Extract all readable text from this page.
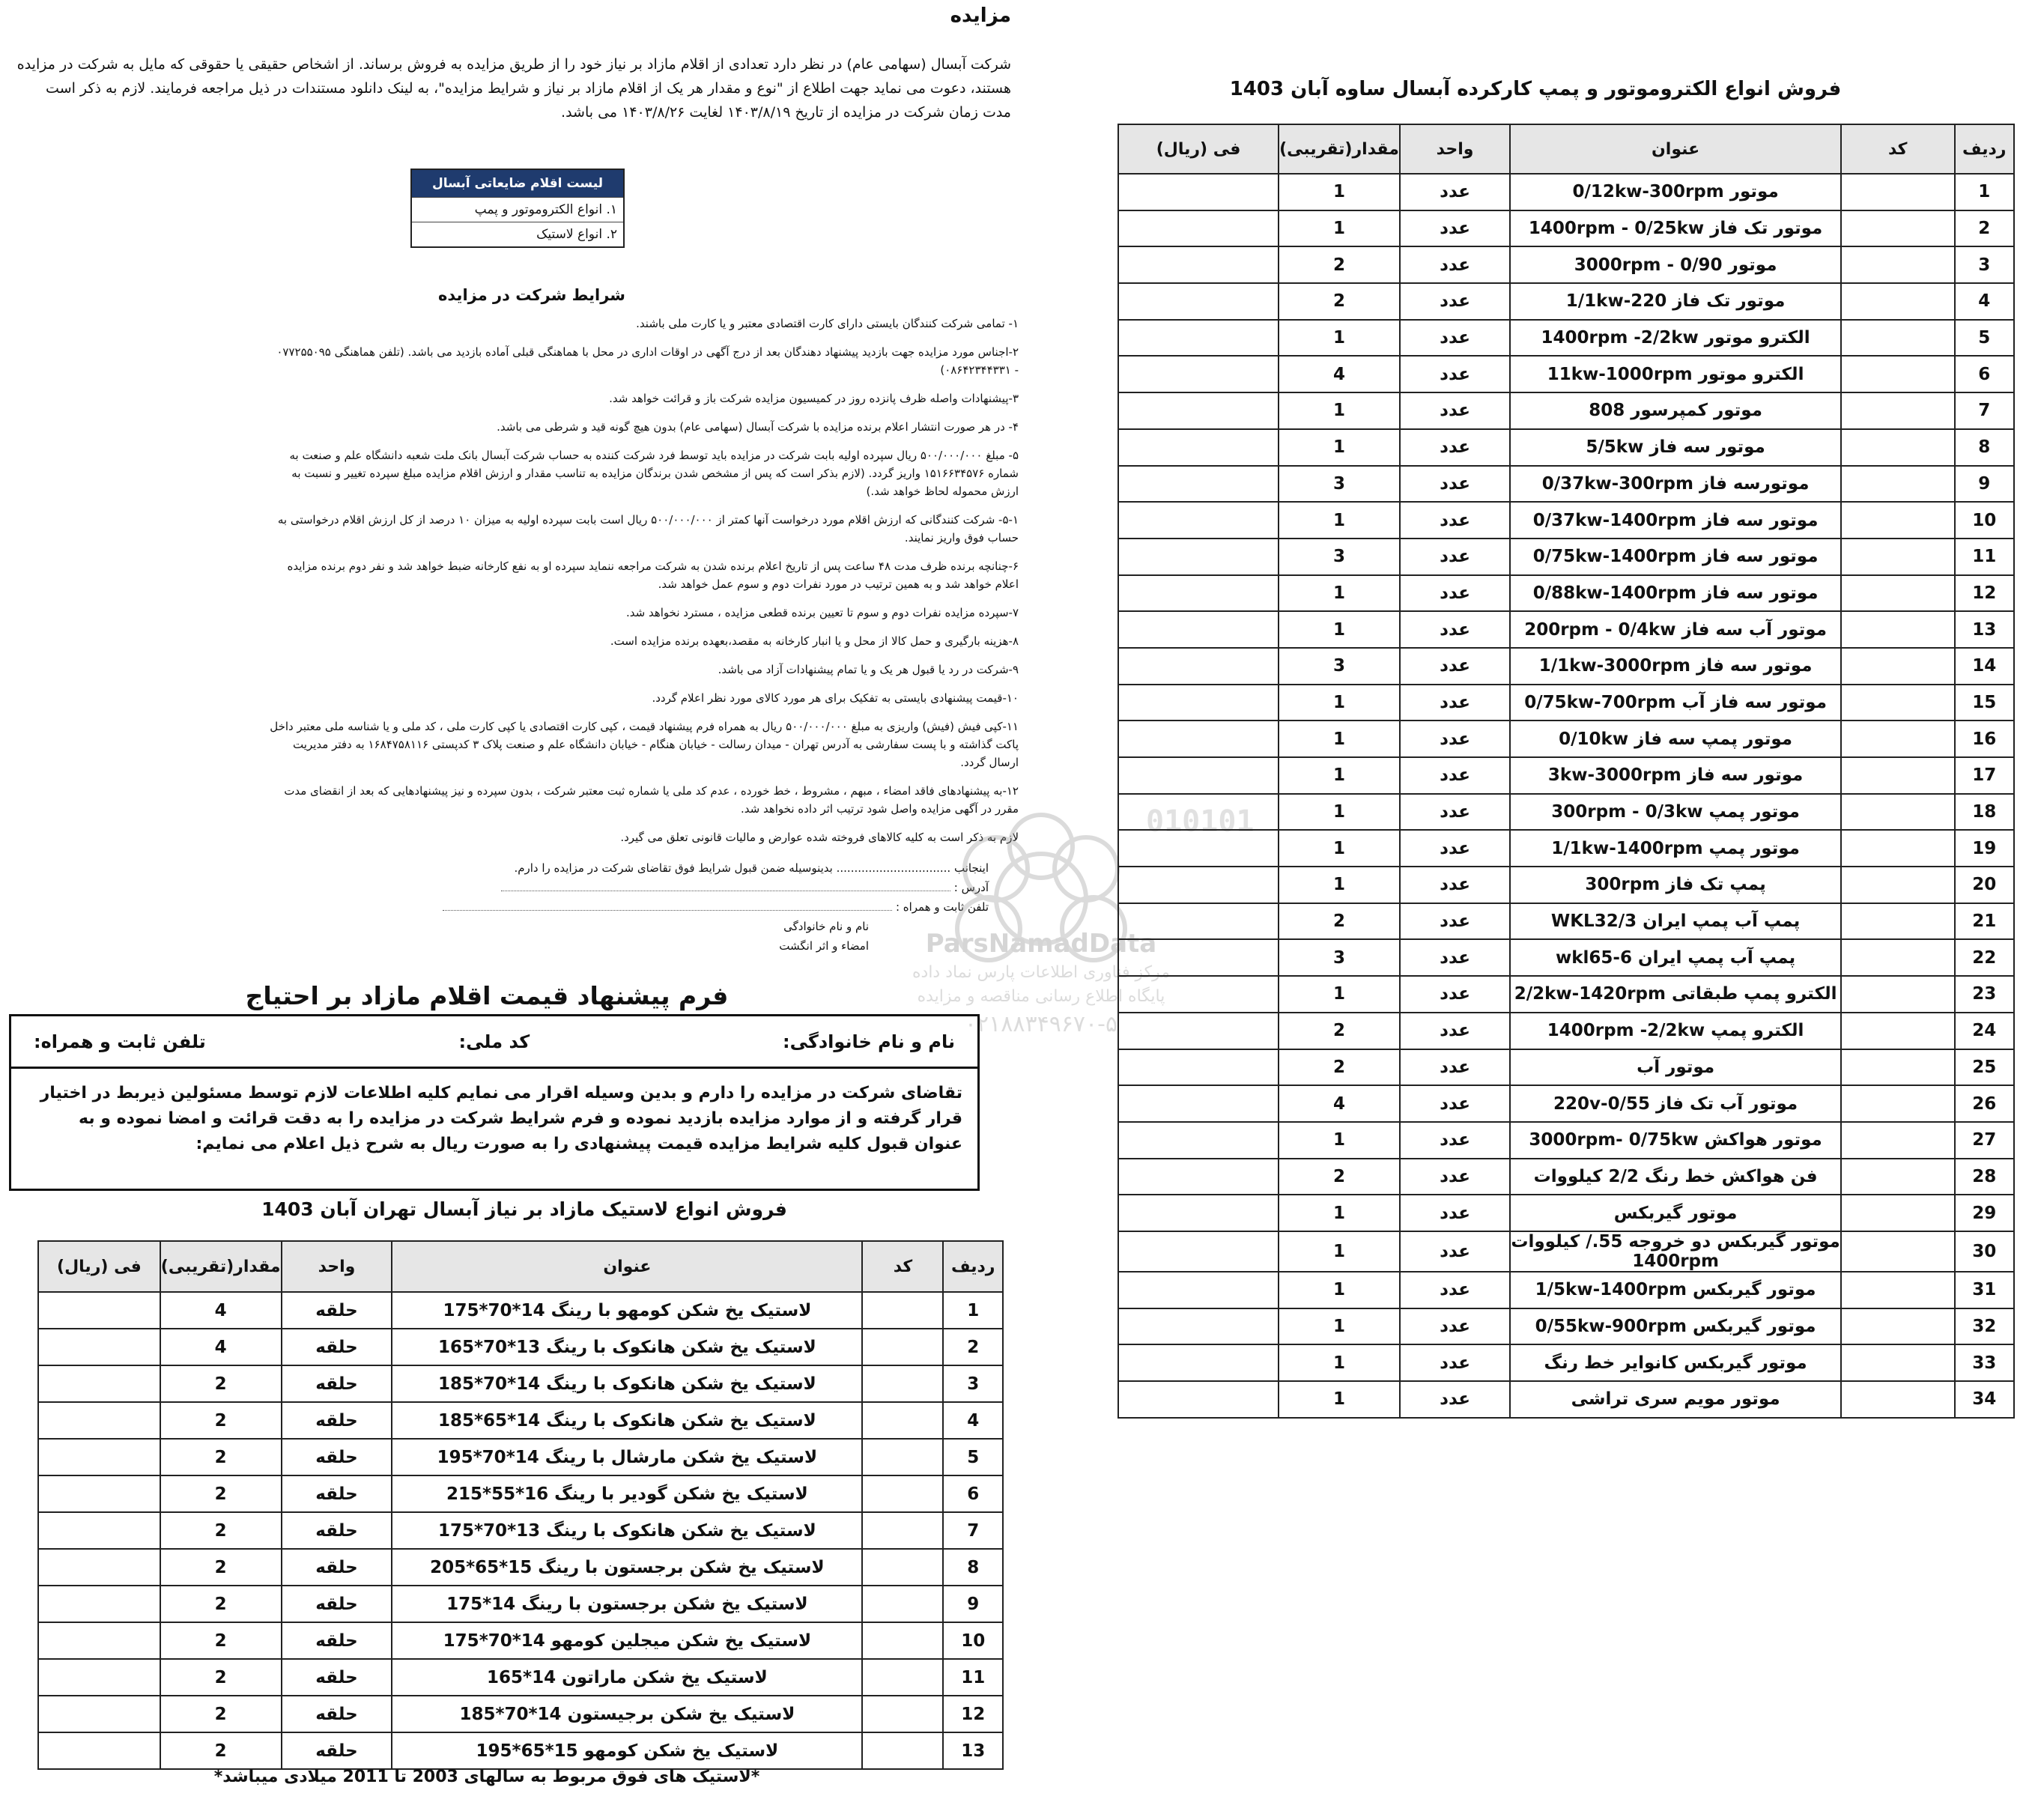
مزایده
شرکت آبسال (سهامی عام) در نظر دارد تعدادی از اقلام مازاد بر نیاز خود را از طریق مزایده به فروش برساند. از اشخاص حقیقی یا حقوقی که مایل به شرکت در مزایده هستند، دعوت می نماید جهت اطلاع از "نوع و مقدار هر یک از اقلام مازاد بر نیاز و شرایط مزایده"، به لینک دانلود مستندات در ذیل مراجعه فرمایند. لازم به ذکر است مدت زمان شرکت در مزایده از تاریخ ۱۴۰۳/۸/۱۹ لغایت ۱۴۰۳/۸/۲۶ می باشد.
لیست اقلام ضایعاتی آبسال
۱. انواع الکتروموتور و پمپ
۲. انواع لاستیک
شرایط شرکت در مزایده

۱- تمامی شرکت کنندگان بایستی دارای کارت اقتصادی معتبر و یا کارت ملی باشند.

۲-اجناس مورد مزایده جهت بازدید پیشنهاد دهندگان بعد از درج آگهی در اوقات اداری در محل با هماهنگی قبلی آماده بازدید می باشد. (تلفن هماهنگی ۰۷۷۲۵۵۰۹۵ - ۰۸۶۴۲۳۴۴۳۳۱)

۳-پیشنهادات واصله ظرف پانزده روز در کمیسیون مزایده شرکت باز و قرائت خواهد شد.

۴- در هر صورت انتشار اعلام برنده مزایده با شرکت آبسال (سهامی عام) بدون هیچ گونه قید و شرطی می باشد.

۵- مبلغ ۵۰۰/۰۰۰/۰۰۰ ریال سپرده اولیه بابت شرکت در مزایده باید توسط فرد شرکت کننده به حساب شرکت آبسال بانک ملت شعبه دانشگاه علم و صنعت به شماره ۱۵۱۶۶۳۴۵۷۶ واریز گردد. (لازم بذکر است که پس از مشخص شدن برندگان مزایده به تناسب مقدار و ارزش اقلام مزایده مبلغ سپرده تغییر و نسبت به ارزش محموله لحاظ خواهد شد.)

۵-۱- شرکت کنندگانی که ارزش اقلام مورد درخواست آنها کمتر از ۵۰۰/۰۰۰/۰۰۰ ریال است بابت سپرده اولیه به میزان ۱۰ درصد از کل ارزش اقلام درخواستی به حساب فوق واریز نمایند.

۶-چنانچه برنده ظرف مدت ۴۸ ساعت پس از تاریخ اعلام برنده شدن به شرکت مراجعه ننماید سپرده او به نفع کارخانه ضبط خواهد شد و نفر دوم برنده مزایده اعلام خواهد شد و به همین ترتیب در مورد نفرات دوم و سوم عمل خواهد شد.

۷-سپرده مزایده نفرات دوم و سوم تا تعیین برنده قطعی مزایده ، مسترد نخواهد شد.

۸-هزینه بارگیری و حمل کالا از محل و یا انبار کارخانه به مقصد،بعهده برنده مزایده است.

۹-شرکت در رد یا قبول هر یک و یا تمام پیشنهادات آزاد می باشد.

۱۰-قیمت پیشنهادی بایستی به تفکیک برای هر مورد کالای مورد نظر اعلام گردد.

۱۱-کپی فیش (فیش) واریزی به مبلغ ۵۰۰/۰۰۰/۰۰۰ ریال به همراه فرم پیشنهاد قیمت ، کپی کارت اقتصادی یا کپی کارت ملی ، کد ملی و یا شناسه ملی معتبر داخل پاکت گذاشته و با پست سفارشی به آدرس تهران - میدان رسالت - خیابان هنگام - خیابان دانشگاه علم و صنعت پلاک ۳ کدپستی ۱۶۸۴۷۵۸۱۱۶ به دفتر مدیریت ارسال گردد.

۱۲-به پیشنهادهای فاقد امضاء ، مبهم ، مشروط ، خط خورده ، عدم کد ملی یا شماره ثبت معتبر شرکت ، بدون سپرده و نیز پیشنهادهایی که بعد از انقضای مدت مقرر در آگهی مزایده واصل شود ترتیب اثر داده نخواهد شد.

لازم به ذکر است به کلیه کالاهای فروخته شده عوارض و مالیات قانونی تعلق می گیرد.

اینجانب ................................ بدینوسیله ضمن قبول شرایط فوق تقاضای شرکت در مزایده را دارم.
آدرس :
تلفن ثابت و همراه :
نام و نام خانوادگی
امضاء و اثر انگشت
010101
ParsNamadData
مرکز فناوری اطلاعات پارس نماد داده
پایگاه اطلاع رسانی مناقصه و مزایده
۰۲۱۸۸۳۴۹۶۷۰-۵
فرم پیشنهاد قیمت اقلام مازاد بر احتیاج
نام و نام خانوادگی:
کد ملی:
تلفن ثابت و همراه:
تقاضای شرکت در مزایده را دارم و بدین وسیله اقرار می نمایم کلیه اطلاعات لازم توسط مسئولین ذیربط در اختیار قرار گرفته و از موارد مزایده بازدید نموده و فرم شرایط شرکت در مزایده را به دقت قرائت و امضا نموده و به عنوان قبول کلیه شرایط مزایده قیمت پیشنهادی را به صورت ریال به شرح ذیل اعلام می نمایم:
فروش انواع لاستیک مازاد بر نیاز آبسال تهران آبان 1403
ردیف	کد	عنوان	واحد	مقدار(تقریبی)	فی (ریال)
1		لاستیک یخ شکن کومهو با رینگ 14*70*175	حلقه	4	
2		لاستیک یخ شکن هانکوک با رینگ 13*70*165	حلقه	4	
3		لاستیک یخ شکن هانکوک با رینگ 14*70*185	حلقه	2	
4		لاستیک یخ شکن هانکوک با رینگ 14*65*185	حلقه	2	
5		لاستیک یخ شکن مارشال با رینگ 14*70*195	حلقه	2	
6		لاستیک یخ شکن گودیر با رینگ 16*55*215	حلقه	2	
7		لاستیک یخ شکن هانکوک با رینگ 13*70*175	حلقه	2	
8		لاستیک یخ شکن برجستون با رینگ 15*65*205	حلقه	2	
9		لاستیک یخ شکن برجستون با رینگ 14*175	حلقه	2	
10		لاستیک یخ شکن میجلین کومهو 14*70*175	حلقه	2	
11		لاستیک یخ شکن ماراتون 14*165	حلقه	2	
12		لاستیک یخ شکن برجیستون 14*70*185	حلقه	2	
13		لاستیک یخ شکن کومهو 15*65*195	حلقه	2	
*لاستیک های فوق مربوط به سالهای 2003 تا 2011 میلادی میباشد*
فروش انواع الکتروموتور و پمپ کارکرده آبسال ساوه آبان 1403
ردیف	کد	عنوان	واحد	مقدار(تقریبی)	فی (ریال)
1		موتور 0/12kw-300rpm	عدد	1	
2		موتور تک فاز 1400rpm - 0/25kw	عدد	1	
3		موتور 0/90 - 3000rpm	عدد	2	
4		موتور تک فاز 220-1/1kw	عدد	2	
5		الکترو موتور 1400rpm -2/2kw	عدد	1	
6		الکترو موتور 11kw-1000rpm	عدد	4	
7		موتور کمپرسور 808	عدد	1	
8		موتور سه فاز 5/5kw	عدد	1	
9		موتورسه فاز 0/37kw-300rpm	عدد	3	
10		موتور سه فاز 0/37kw-1400rpm	عدد	1	
11		موتور سه فاز 0/75kw-1400rpm	عدد	3	
12		موتور سه فاز 0/88kw-1400rpm	عدد	1	
13		موتور آب سه فاز 200rpm - 0/4kw	عدد	1	
14		موتور سه فاز 1/1kw-3000rpm	عدد	3	
15		موتور سه فاز آب 0/75kw-700rpm	عدد	1	
16		موتور پمپ سه فاز 0/10kw	عدد	1	
17		موتور سه فاز 3kw-3000rpm	عدد	1	
18		موتور پمپ 300rpm - 0/3kw	عدد	1	
19		موتور پمپ 1/1kw-1400rpm	عدد	1	
20		پمپ تک فاز 300rpm	عدد	1	
21		پمپ آب پمپ ایران WKL32/3	عدد	2	
22		پمپ آب پمپ ایران wkl65-6	عدد	3	
23		الکترو پمپ طبقاتی 2/2kw-1420rpm	عدد	1	
24		الکترو پمپ 1400rpm -2/2kw	عدد	2	
25		موتور آب	عدد	2	
26		موتور آب تک فاز 220v-0/55	عدد	4	
27		موتور هواکش 3000rpm- 0/75kw	عدد	1	
28		فن هواکش خط رنگ 2/2 کیلووات	عدد	2	
29		موتور گیربکس	عدد	1	
30		موتور گیربکس دو خروجه 55./ کیلووات 1400rpm	عدد	1	
31		موتور گیربکس 1/5kw-1400rpm	عدد	1	
32		موتور گیربکس 0/55kw-900rpm	عدد	1	
33		موتور گیربکس کانوایر خط رنگ	عدد	1	
34		موتور مویم سری تراشی	عدد	1	
